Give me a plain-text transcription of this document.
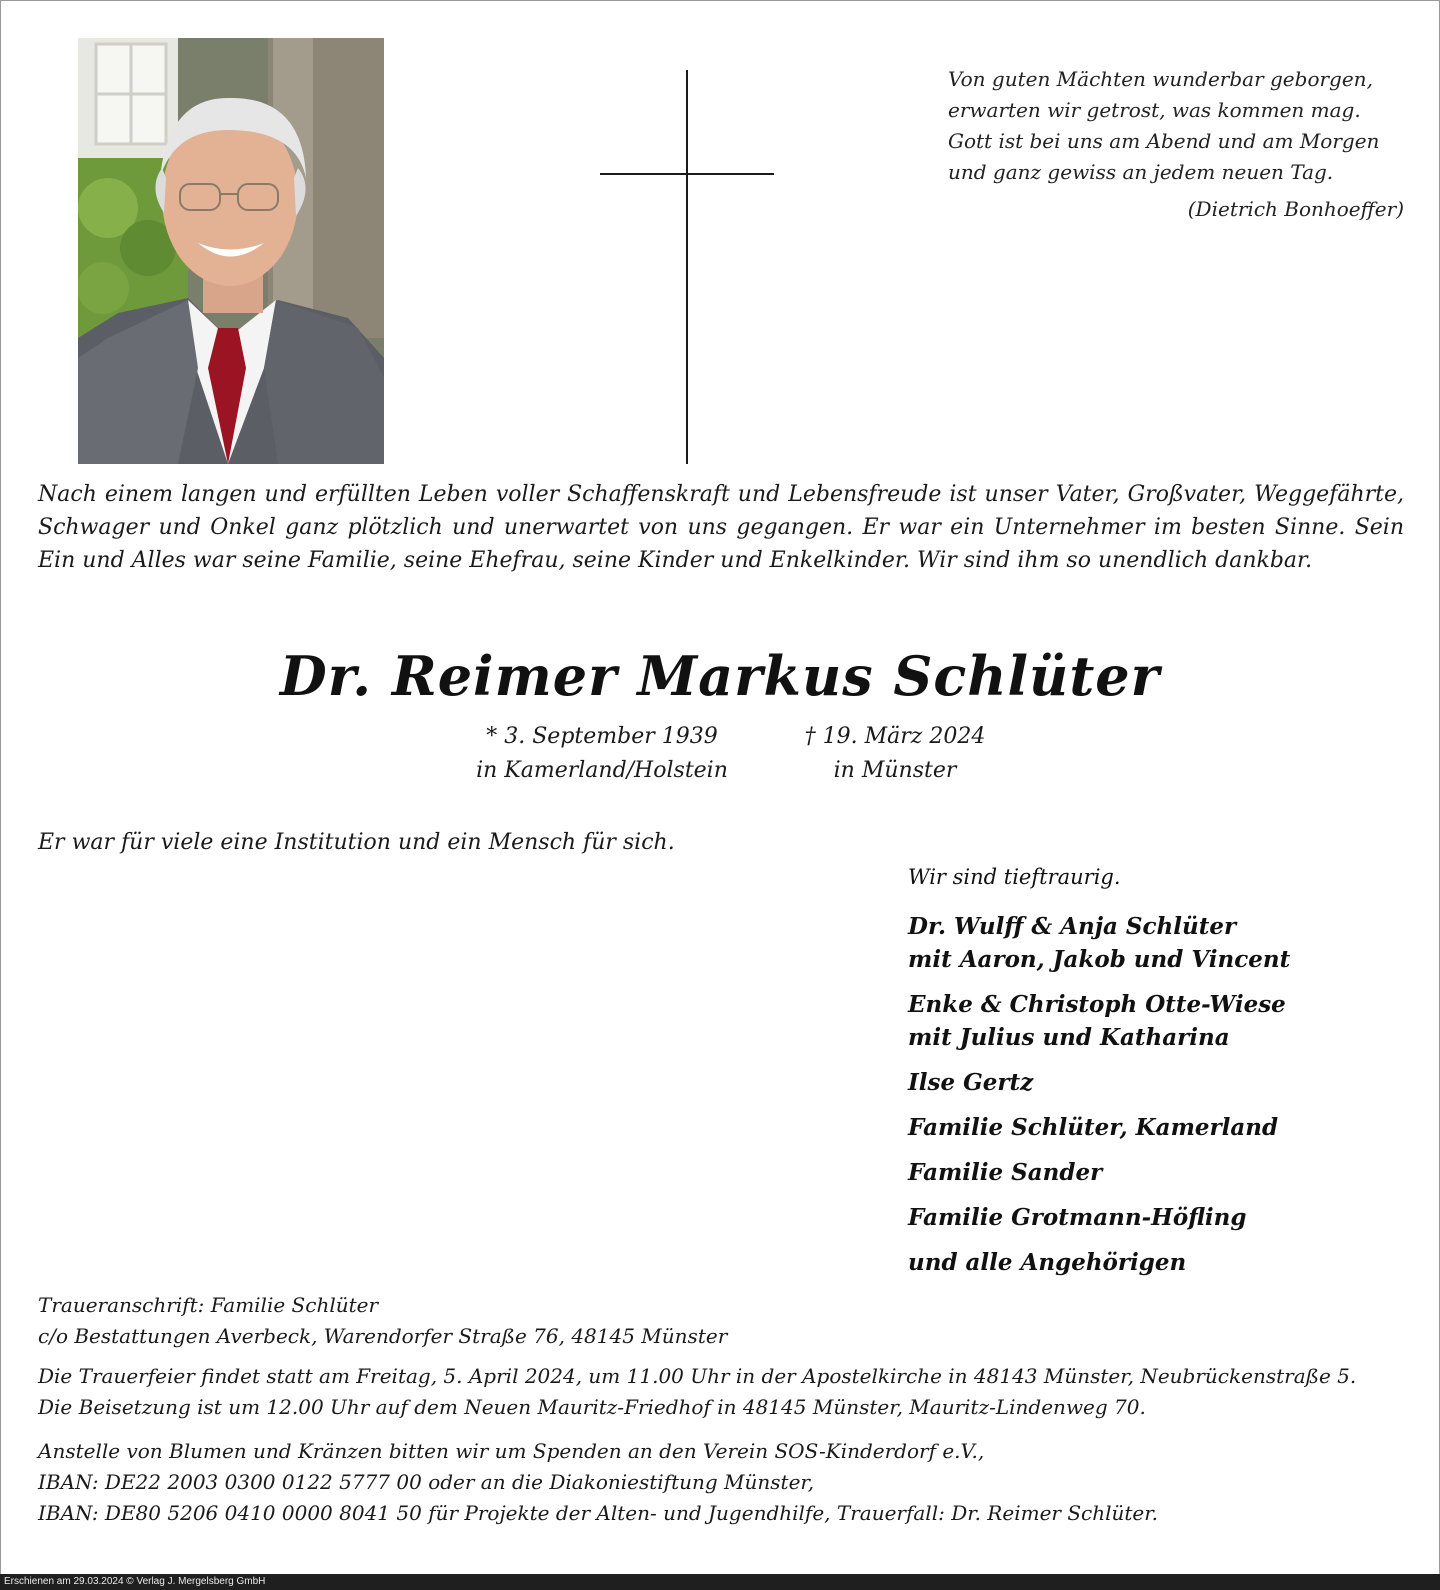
Von guten Mächten wunderbar geborgen,
erwarten wir getrost, was kommen mag.
Gott ist bei uns am Abend und am Morgen
und ganz gewiss an jedem neuen Tag.
(Dietrich Bonhoeffer)

Nach einem langen und erfüllten Leben voller Schaffenskraft und Lebensfreude ist unser Vater, Großvater, Weggefährte, Schwager und Onkel ganz plötzlich und unerwartet von uns gegangen. Er war ein Unternehmer im besten Sinne. Sein Ein und Alles war seine Familie, seine Ehefrau, seine Kinder und Enkelkinder. Wir sind ihm so unendlich dankbar.

Dr. Reimer Markus Schlüter
* 3. September 1939
in Kamerland/Holstein
† 19. März 2024
in Münster

Er war für viele eine Institution und ein Mensch für sich.

Wir sind tieftraurig.

Dr. Wulff & Anja Schlüter
mit Aaron, Jakob und Vincent
Enke & Christoph Otte-Wiese
mit Julius und Katharina
Ilse Gertz
Familie Schlüter, Kamerland
Familie Sander
Familie Grotmann-Höfling
und alle Angehörigen
Traueranschrift: Familie Schlüter
c/o Bestattungen Averbeck, Warendorfer Straße 76, 48145 Münster
Die Trauerfeier findet statt am Freitag, 5. April 2024, um 11.00 Uhr in der Apostelkirche in 48143 Münster, Neubrückenstraße 5.
Die Beisetzung ist um 12.00 Uhr auf dem Neuen Mauritz-Friedhof in 48145 Münster, Mauritz-Lindenweg 70.
Anstelle von Blumen und Kränzen bitten wir um Spenden an den Verein SOS-Kinderdorf e.V.,
IBAN: DE22 2003 0300 0122 5777 00 oder an die Diakoniestiftung Münster,
IBAN: DE80 5206 0410 0000 8041 50 für Projekte der Alten- und Jugendhilfe, Trauerfall: Dr. Reimer Schlüter.
Erschienen am 29.03.2024 © Verlag J. Mergelsberg GmbH
